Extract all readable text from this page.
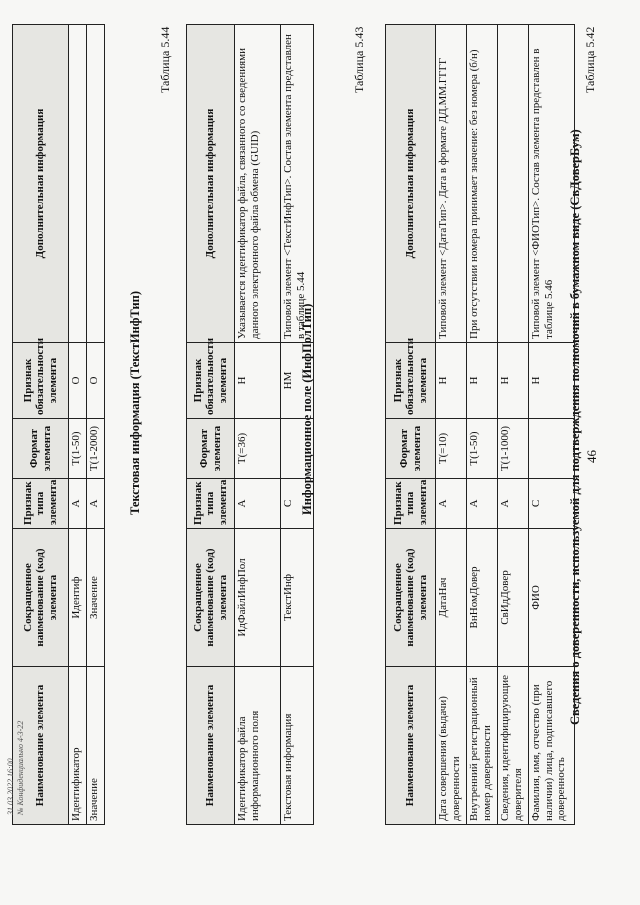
46
Таблица 5.42
Сведения о доверенности, используемой для подтверждения полномочий в бумажном виде (СвДоверБум)
Наименование элемента	Сокращенное наименование (код) элемента	Признак типа элемента	Формат элемента	Признак обязательности элемента	Дополнительная информация
Дата совершения (выдачи) доверенности	ДатаНач	А	T(=10)	Н	Типовой элемент <ДатаТип>. Дата в формате ДД.ММ.ГГГГ
Внутренний регистрационный номер доверенности	ВнНомДовер	А	T(1-50)	Н	При отсутствии номера принимает значение: без номера (б/н)
Сведения, идентифицирующие доверителя	СвИдДовер	А	T(1-1000)	Н	
Фамилия, имя, отчество (при наличии) лица, подписавшего доверенность	ФИО	С		Н	Типовой элемент <ФИОТип>. Состав элемента представлен в таблице 5.46
Таблица 5.43
Информационное поле (ИнфПолТип)
Наименование элемента	Сокращенное наименование (код) элемента	Признак типа элемента	Формат элемента	Признак обязательности элемента	Дополнительная информация
Идентификатор файла информационного поля	ИдФайлИнфПол	А	T(=36)	Н	Указывается идентификатор файла, связанного со сведениями данного электронного файла обмена (GUID)
Текстовая информация	ТекстИнф	С		НМ	Типовой элемент <ТекстИнфТип>. Состав элемента представлен в таблице 5.44
Таблица 5.44
Текстовая информация (ТекстИнфТип)
Наименование элемента	Сокращенное наименование (код) элемента	Признак типа элемента	Формат элемента	Признак обязательности элемента	Дополнительная информация
Идентификатор	Идентиф	А	T(1-50)	О	
Значение	Значение	А	T(1-2000)	О	
31.03.2022 16:00 № Конфиденциально 4-3-22
